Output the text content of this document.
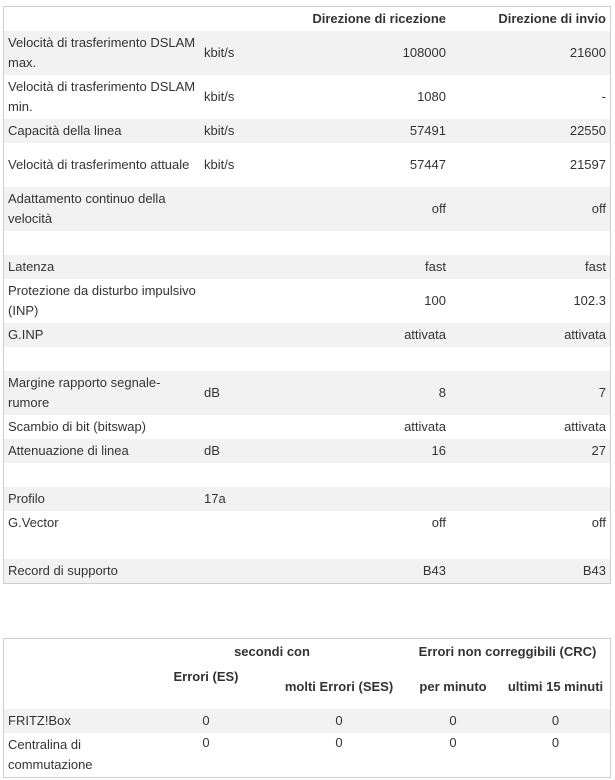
		Direzione di ricezione	Direzione di invio
Velocità di trasferimento DSLAM max.	kbit/s	108000	21600
Velocità di trasferimento DSLAM min.	kbit/s	1080	-
Capacità della linea	kbit/s	57491	22550
Velocità di trasferimento attuale	kbit/s	57447	21597
Adattamento continuo della velocità		off	off

Latenza		fast	fast
Protezione da disturbo impulsivo (INP)		100	102.3
G.INP		attivata	attivata

Margine rapporto segnale-rumore	dB	8	7
Scambio di bit (bitswap)		attivata	attivata
Attenuazione di linea	dB	16	27

Profilo	17a		
G.Vector		off	off

Record di supporto		B43	B43
	secondi con		Errori non correggibili (CRC)	
	Errori (ES)	molti Errori (SES)	per minuto	ultimi 15 minuti
FRITZ!Box	0	0	0	0
Centralina di commutazione	0	0	0	0
